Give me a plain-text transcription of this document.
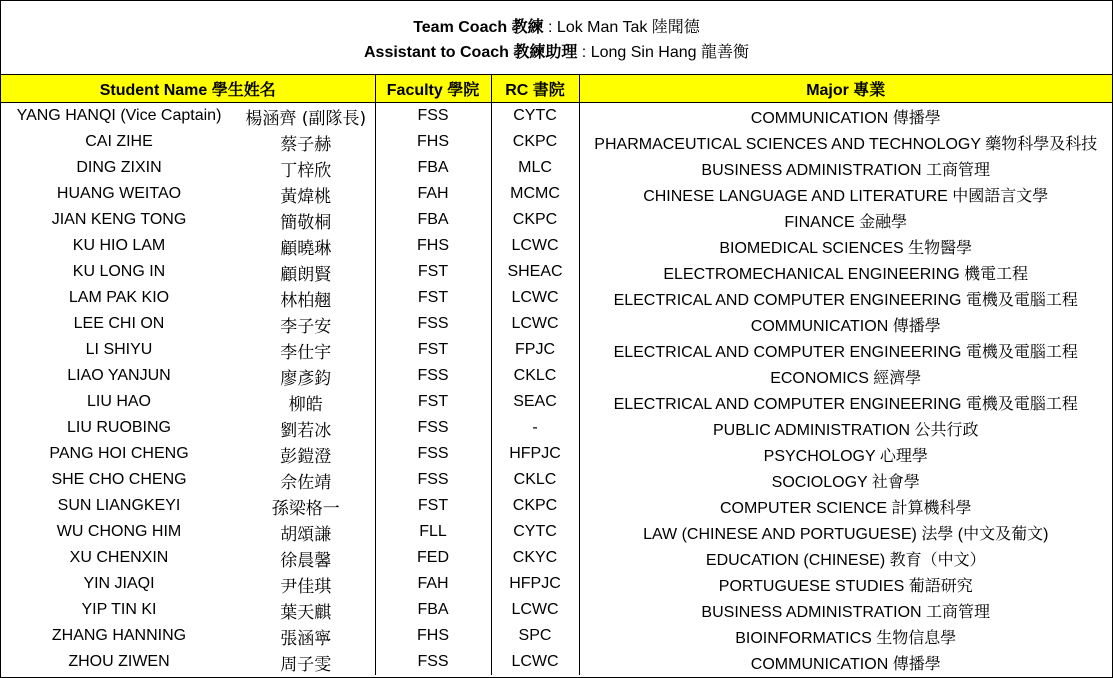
Team Coach 教練 : Lok Man Tak 陸聞德
Assistant to Coach 教練助理 : Long Sin Hang 龍善衡
Student Name 學生姓名		Faculty 學院	RC 書院	Major 專業
YANG HANQI (Vice Captain)	楊涵齊 (副隊長)	FSS	CYTC	COMMUNICATION 傳播學
CAI ZIHE	蔡子赫	FHS	CKPC	PHARMACEUTICAL SCIENCES AND TECHNOLOGY 藥物科學及科技
DING ZIXIN	丁梓欣	FBA	MLC	BUSINESS ADMINISTRATION 工商管理
HUANG WEITAO	黃煒桃	FAH	MCMC	CHINESE LANGUAGE AND LITERATURE 中國語言文學
JIAN KENG TONG	簡敬桐	FBA	CKPC	FINANCE 金融學
KU HIO LAM	顧曉琳	FHS	LCWC	BIOMEDICAL SCIENCES 生物醫學
KU LONG IN	顧朗賢	FST	SHEAC	ELECTROMECHANICAL ENGINEERING 機電工程
LAM PAK KIO	林柏翹	FST	LCWC	ELECTRICAL AND COMPUTER ENGINEERING 電機及電腦工程
LEE CHI ON	李子安	FSS	LCWC	COMMUNICATION 傳播學
LI SHIYU	李仕宇	FST	FPJC	ELECTRICAL AND COMPUTER ENGINEERING 電機及電腦工程
LIAO YANJUN	廖彥鈞	FSS	CKLC	ECONOMICS 經濟學
LIU HAO	柳皓	FST	SEAC	ELECTRICAL AND COMPUTER ENGINEERING 電機及電腦工程
LIU RUOBING	劉若冰	FSS	-	PUBLIC ADMINISTRATION 公共行政
PANG HOI CHENG	彭鎧澄	FSS	HFPJC	PSYCHOLOGY 心理學
SHE CHO CHENG	佘佐靖	FSS	CKLC	SOCIOLOGY 社會學
SUN LIANGKEYI	孫梁格一	FST	CKPC	COMPUTER SCIENCE 計算機科學
WU CHONG HIM	胡頌謙	FLL	CYTC	LAW (CHINESE AND PORTUGUESE) 法學 (中文及葡文)
XU CHENXIN	徐晨馨	FED	CKYC	EDUCATION (CHINESE) 教育（中文）
YIN JIAQI	尹佳琪	FAH	HFPJC	PORTUGUESE STUDIES 葡語研究
YIP TIN KI	葉天麒	FBA	LCWC	BUSINESS ADMINISTRATION 工商管理
ZHANG HANNING	張涵寧	FHS	SPC	BIOINFORMATICS 生物信息學
ZHOU ZIWEN	周子雯	FSS	LCWC	COMMUNICATION 傳播學
